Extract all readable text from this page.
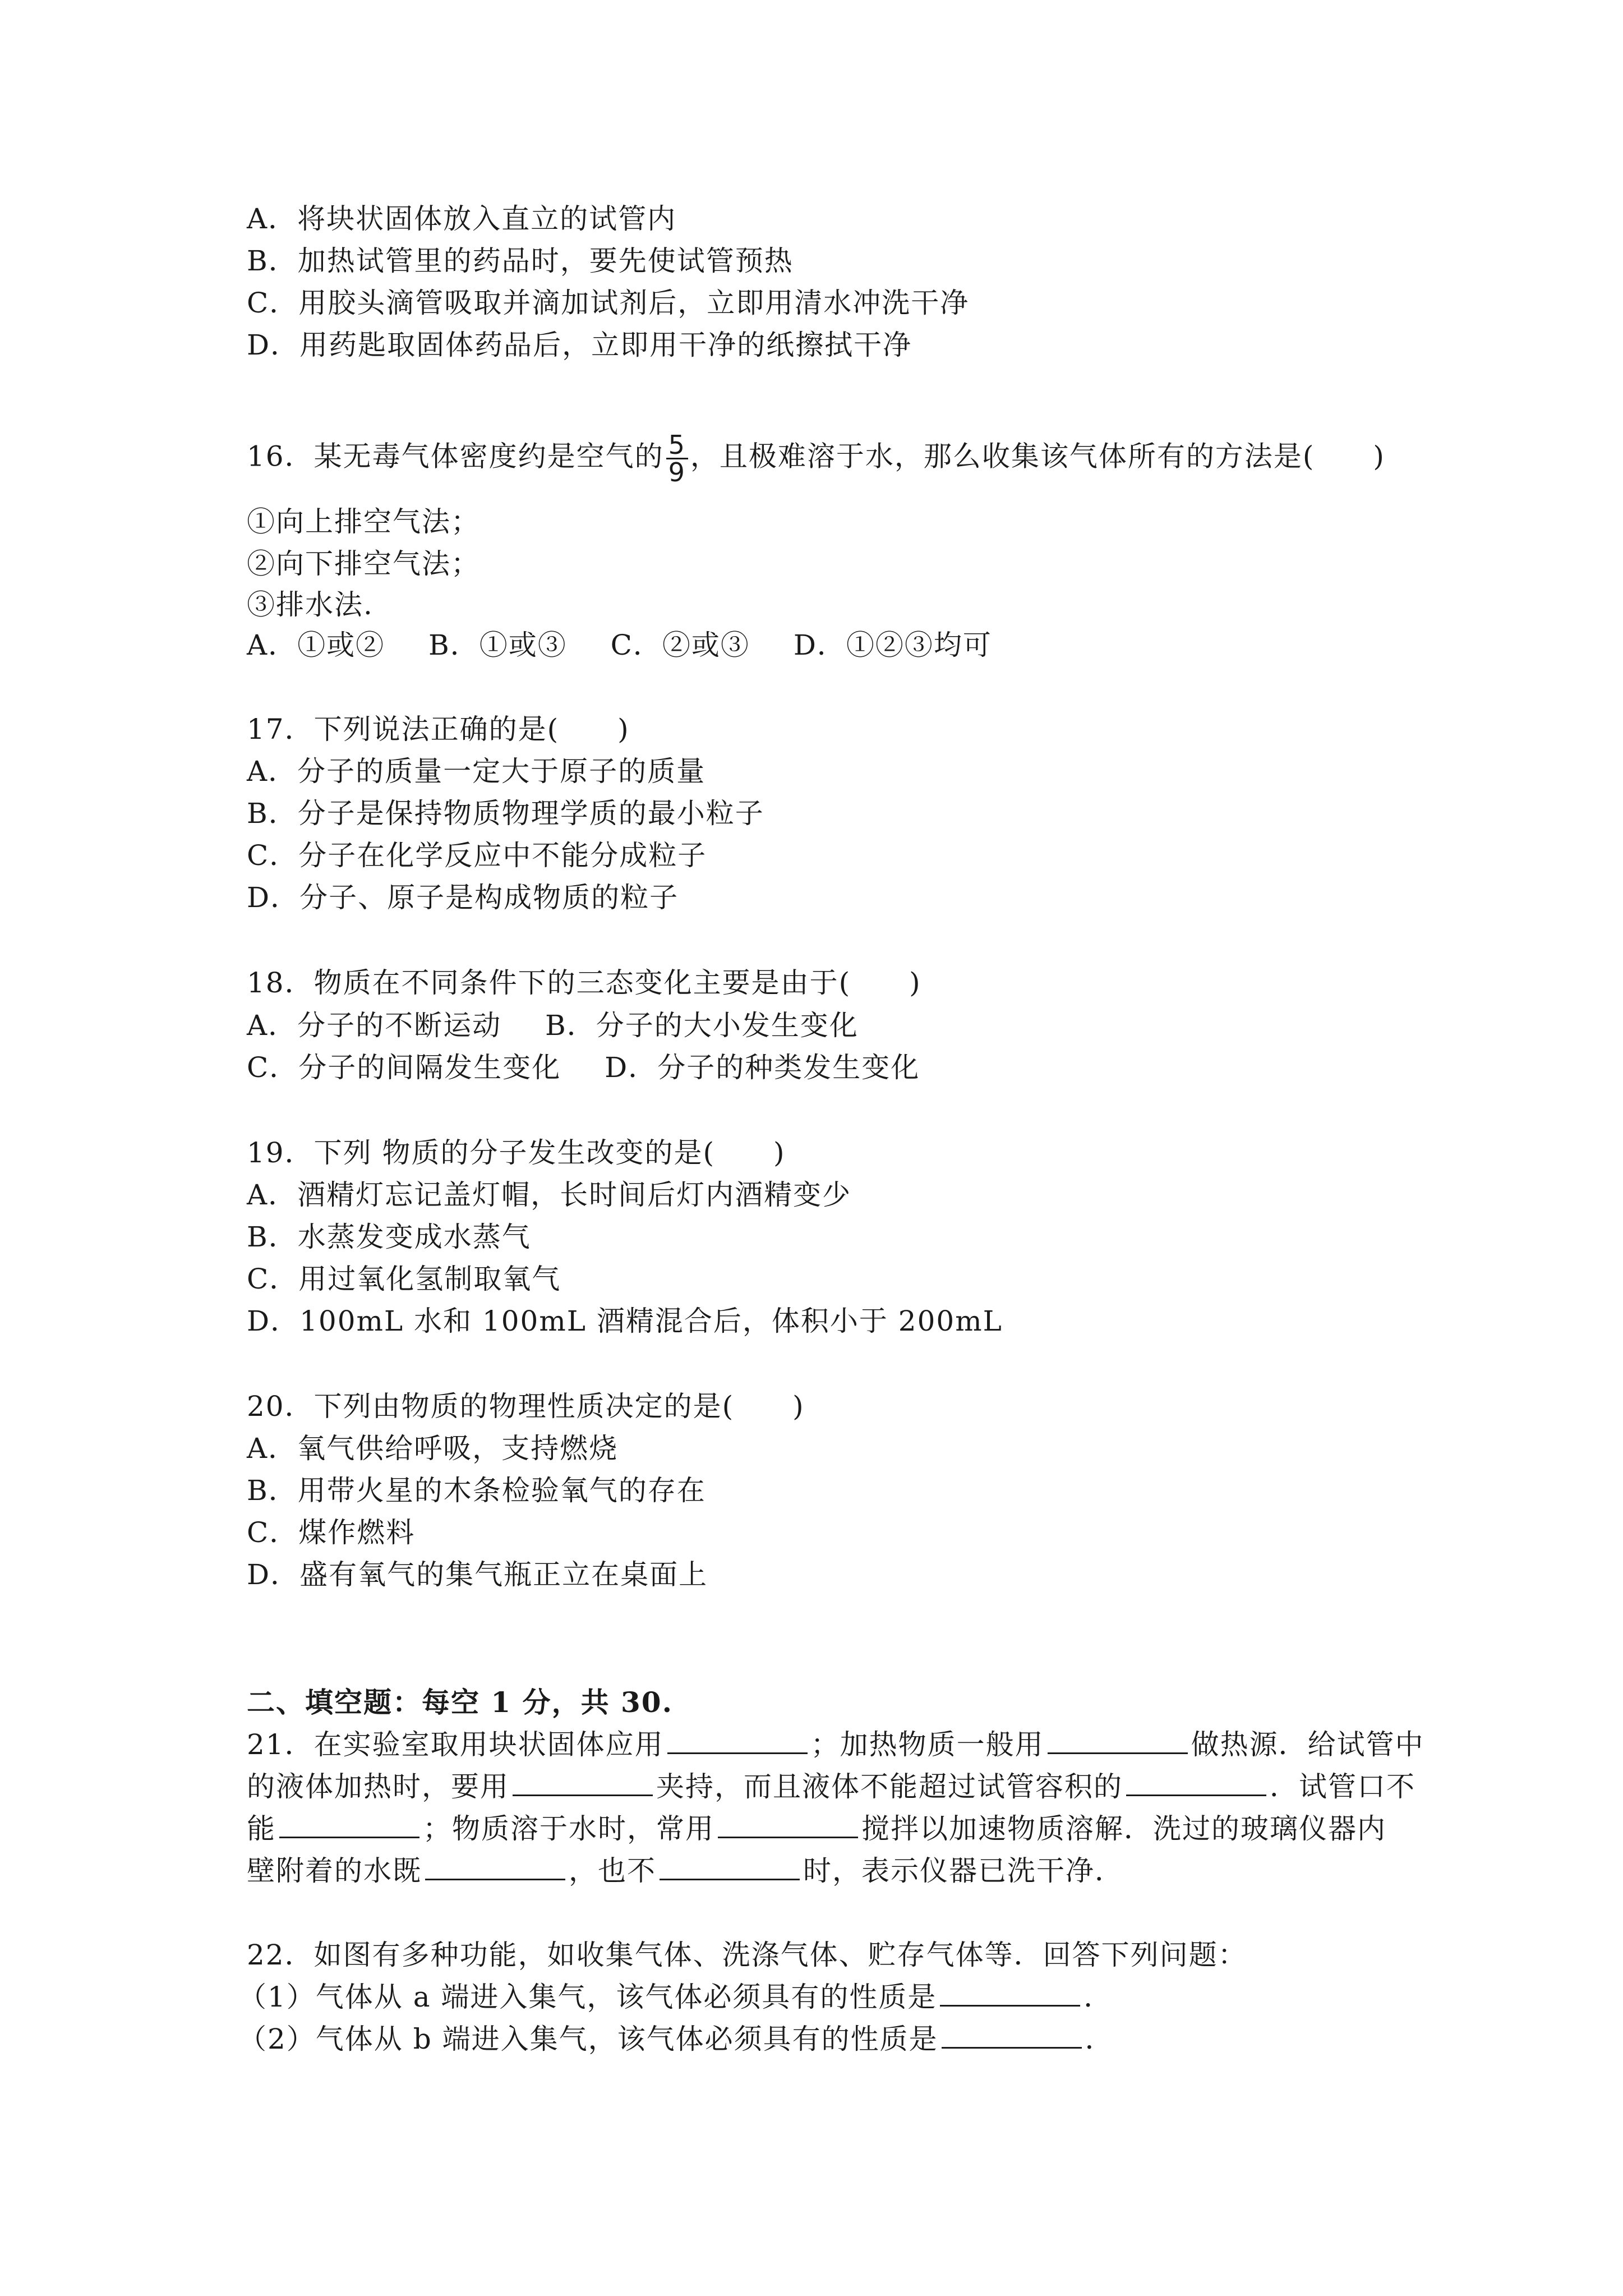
A．将块状固体放入直立的试管内
B．加热试管里的药品时，要先使试管预热
C．用胶头滴管吸取并滴加试剂后，立即用清水冲洗干净
D．用药匙取固体药品后，立即用干净的纸擦拭干净
16．某无毒气体密度约是空气的 $\frac{5}{9}$ ，且极难溶于水，那么收集该气体所有的方法是(　　)
①向上排空气法；
②向下排空气法；
③排水法.
A．①或② B．①或③ C．②或③ D．①②③均可
17．下列说法正确的是(　　)
A．分子的质量一定大于原子的质量
B．分子是保持物质物理学质的最小粒子
C．分子在化学反应中不能分成粒子
D．分子、原子是构成物质的粒子
18．物质在不同条件下的三态变化主要是由于(　　)
A．分子的不断运动 B．分子的大小发生变化
C．分子的间隔发生变化 D．分子的种类发生变化
19．下列 物质的分子发生改变的是(　　)
A．酒精灯忘记盖灯帽，长时间后灯内酒精变少
B．水蒸发变成水蒸气
C．用过氧化氢制取氧气
D．100mL 水和 100mL 酒精混合后，体积小于 200mL
20．下列由物质的物理性质决定的是(　　)
A．氧气供给呼吸，支持燃烧
B．用带火星的木条检验氧气的存在
C．煤作燃料
D．盛有氧气的集气瓶正立在桌面上
二、填空题：每空 1 分，共 30.
21．在实验室取用块状固体应用	；加热物质一般用	做热源．给试管中
的液体加热时，要用	夹持，而且液体不能超过试管容积的	．试管口不
能	；物质溶于水时，常用	搅拌以加速物质溶解．洗过的玻璃仪器内
壁附着的水既	，也不	时，表示仪器已洗干净．
22．如图有多种功能，如收集气体、洗涤气体、贮存气体等．回答下列问题：
（1）气体从 a 端进入集气，该气体必须具有的性质是	．
（2）气体从 b 端进入集气，该气体必须具有的性质是	．
